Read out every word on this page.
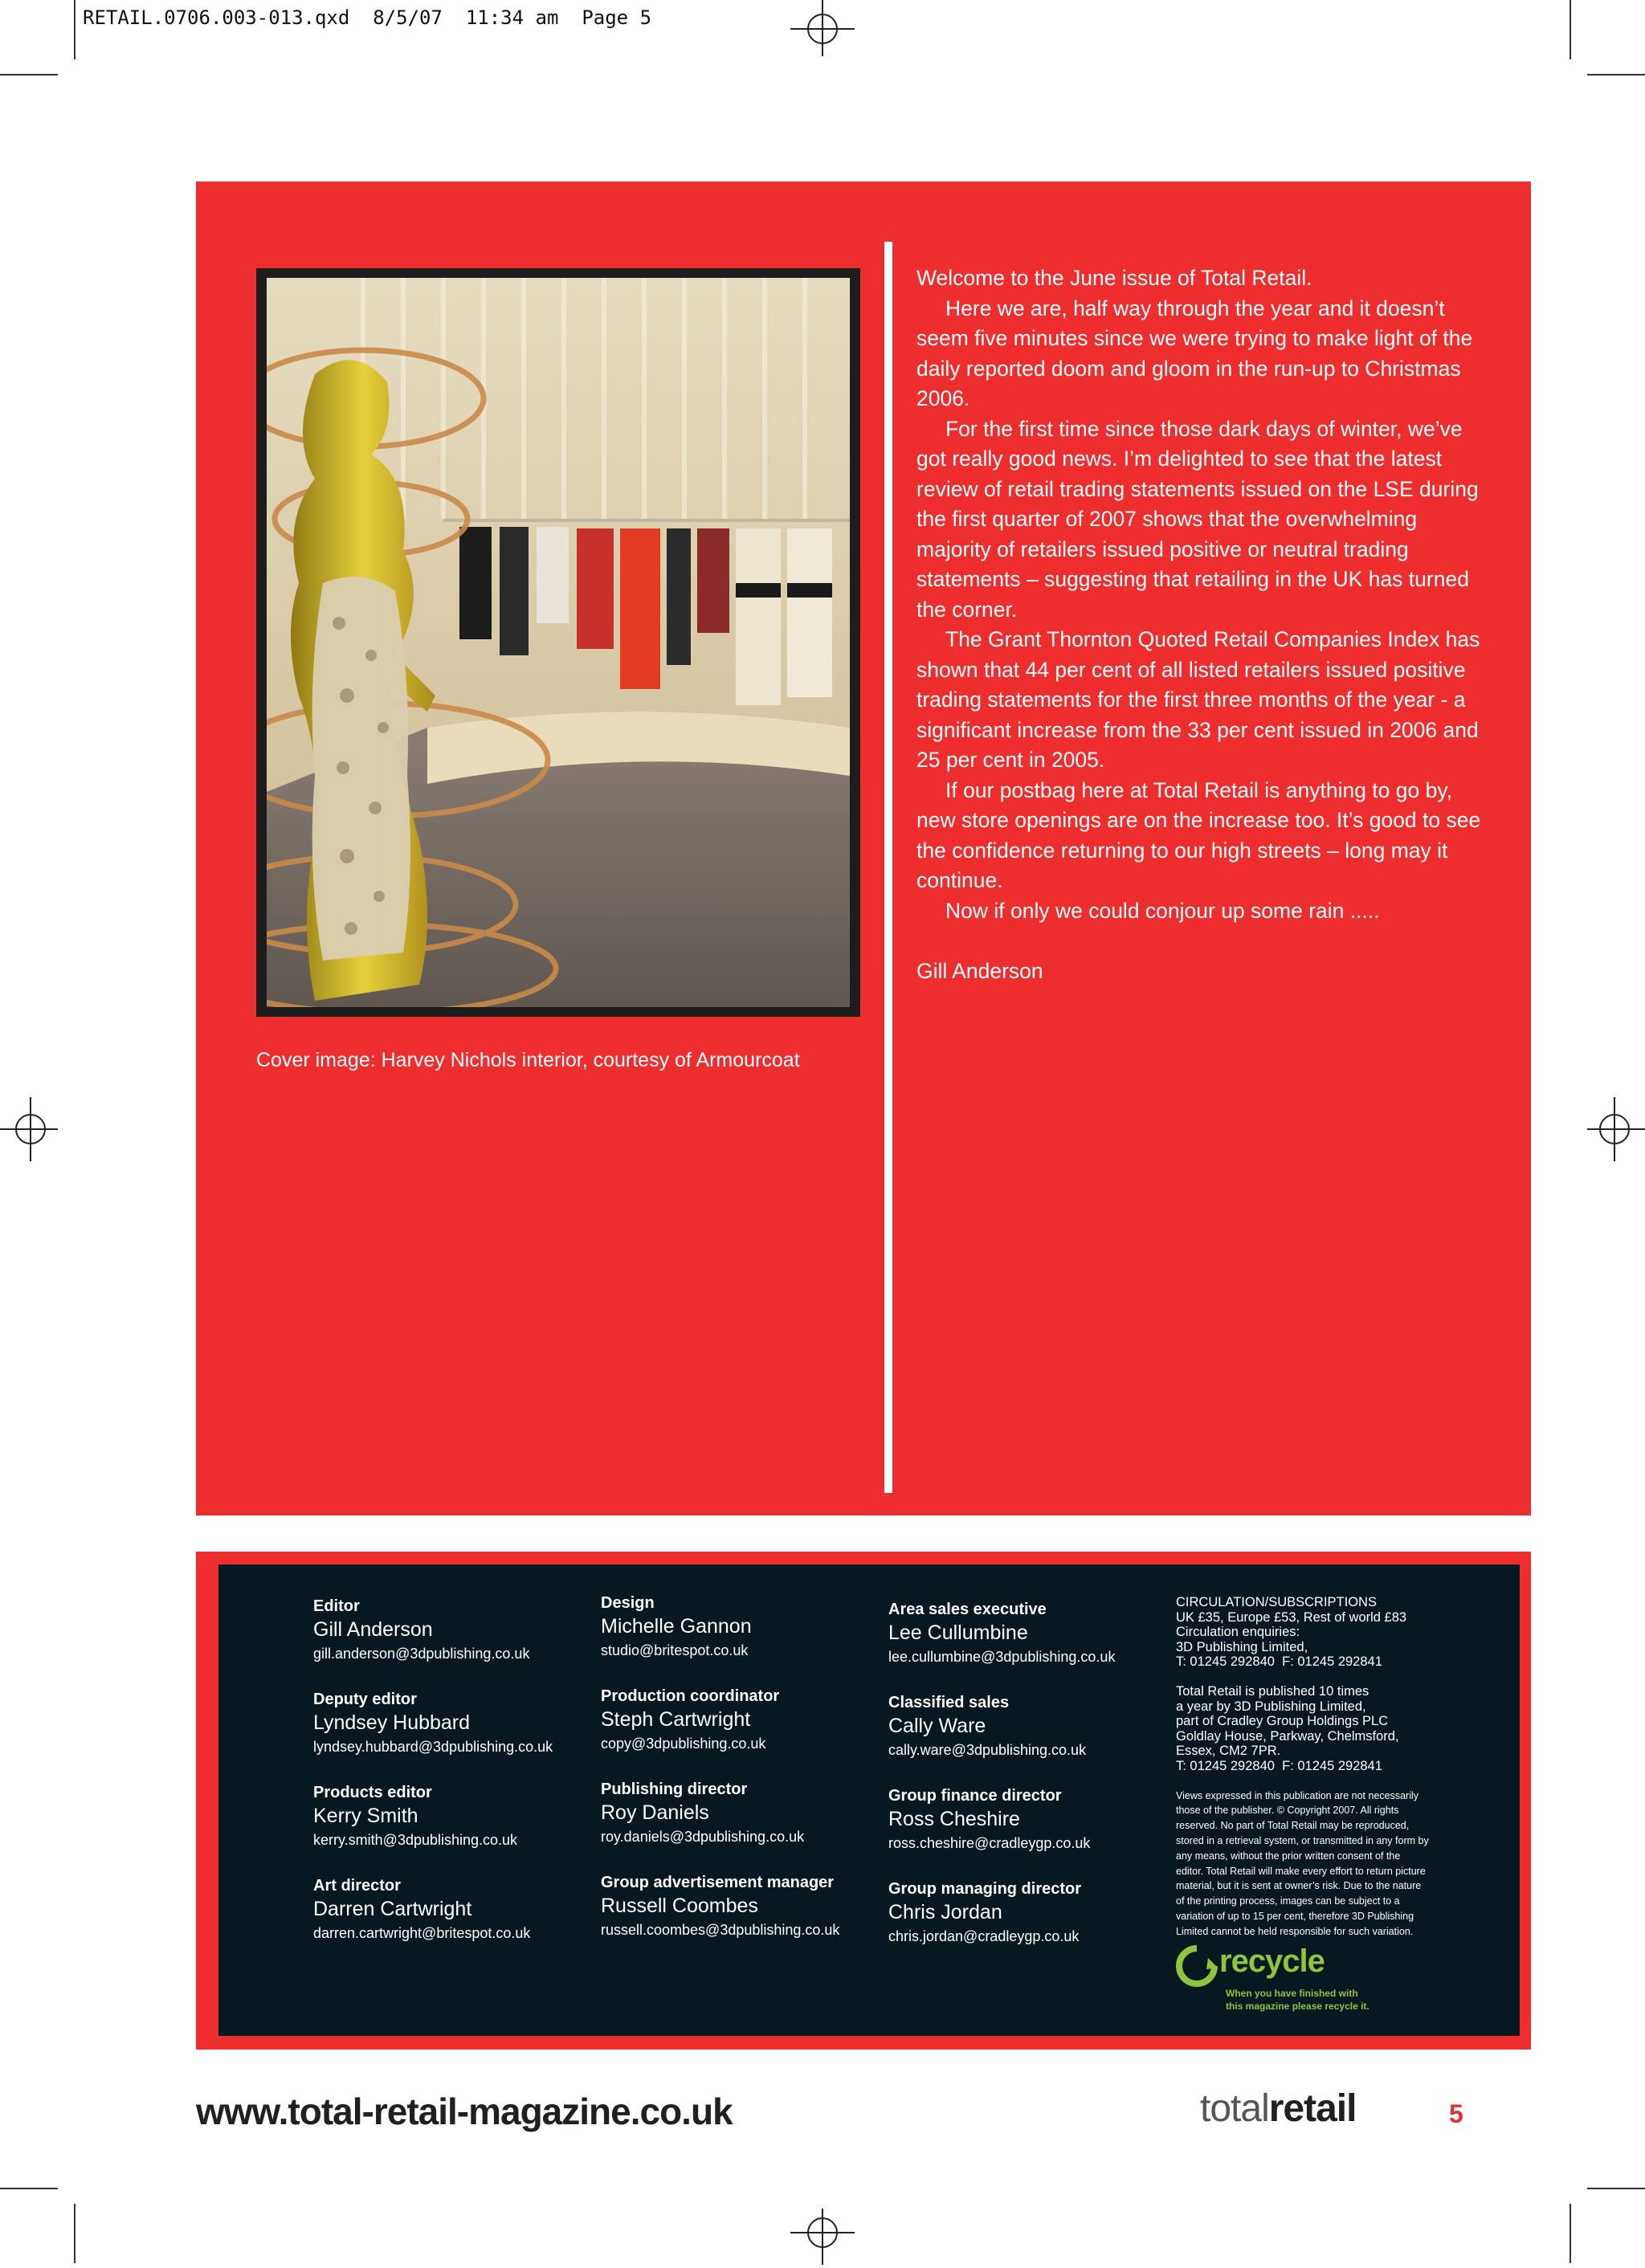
RETAIL.0706.003-013.qxd  8/5/07  11:34 am  Page 5
Cover image: Harvey Nichols interior, courtesy of Armourcoat

Welcome to the June issue of Total Retail.

Here we are, half way through the year and it doesn’t seem five minutes since we were trying to make light of the daily reported doom and gloom in the run-up to Christmas 2006.

For the first time since those dark days of winter, we’ve got really good news. I’m delighted to see that the latest review of retail trading statements issued on the LSE during the first quarter of 2007 shows that the overwhelming majority of retailers issued positive or neutral trading statements – suggesting that retailing in the UK has turned the corner.

The Grant Thornton Quoted Retail Companies Index has shown that 44 per cent of all listed retailers issued positive trading statements for the first three months of the year - a significant increase from the 33 per cent issued in 2006 and 25 per cent in 2005.

If our postbag here at Total Retail is anything to go by, new store openings are on the increase too. It’s good to see the confidence returning to our high streets – long may it continue.

Now if only we could conjour up some rain .....

Gill Anderson

Editor
Gill Anderson
gill.anderson@3dpublishing.co.uk
Deputy editor
Lyndsey Hubbard
lyndsey.hubbard@3dpublishing.co.uk
Products editor
Kerry Smith
kerry.smith@3dpublishing.co.uk
Art director
Darren Cartwright
darren.cartwright@britespot.co.uk
Design
Michelle Gannon
studio@britespot.co.uk
Production coordinator
Steph Cartwright
copy@3dpublishing.co.uk
Publishing director
Roy Daniels
roy.daniels@3dpublishing.co.uk
Group advertisement manager
Russell Coombes
russell.coombes@3dpublishing.co.uk
Area sales executive
Lee Cullumbine
lee.cullumbine@3dpublishing.co.uk
Classified sales
Cally Ware
cally.ware@3dpublishing.co.uk
Group finance director
Ross Cheshire
ross.cheshire@cradleygp.co.uk
Group managing director
Chris Jordan
chris.jordan@cradleygp.co.uk
CIRCULATION/SUBSCRIPTIONS
UK £35, Europe £53, Rest of world £83
Circulation enquiries:
3D Publishing Limited,
T: 01245 292840  F: 01245 292841
Total Retail is published 10 times
a year by 3D Publishing Limited,
part of Cradley Group Holdings PLC
Goldlay House, Parkway, Chelmsford,
Essex, CM2 7PR.
T: 01245 292840  F: 01245 292841
Views expressed in this publication are not necessarily
those of the publisher. © Copyright 2007. All rights
reserved. No part of Total Retail may be reproduced,
stored in a retrieval system, or transmitted in any form by
any means, without the prior written consent of the
editor. Total Retail will make every effort to return picture
material, but it is sent at owner’s risk. Due to the nature
of the printing process, images can be subject to a
variation of up to 15 per cent, therefore 3D Publishing
Limited cannot be held responsible for such variation.
recycle
When you have finished with
this magazine please recycle it.
www.total-retail-magazine.co.uk	totalretail	5
